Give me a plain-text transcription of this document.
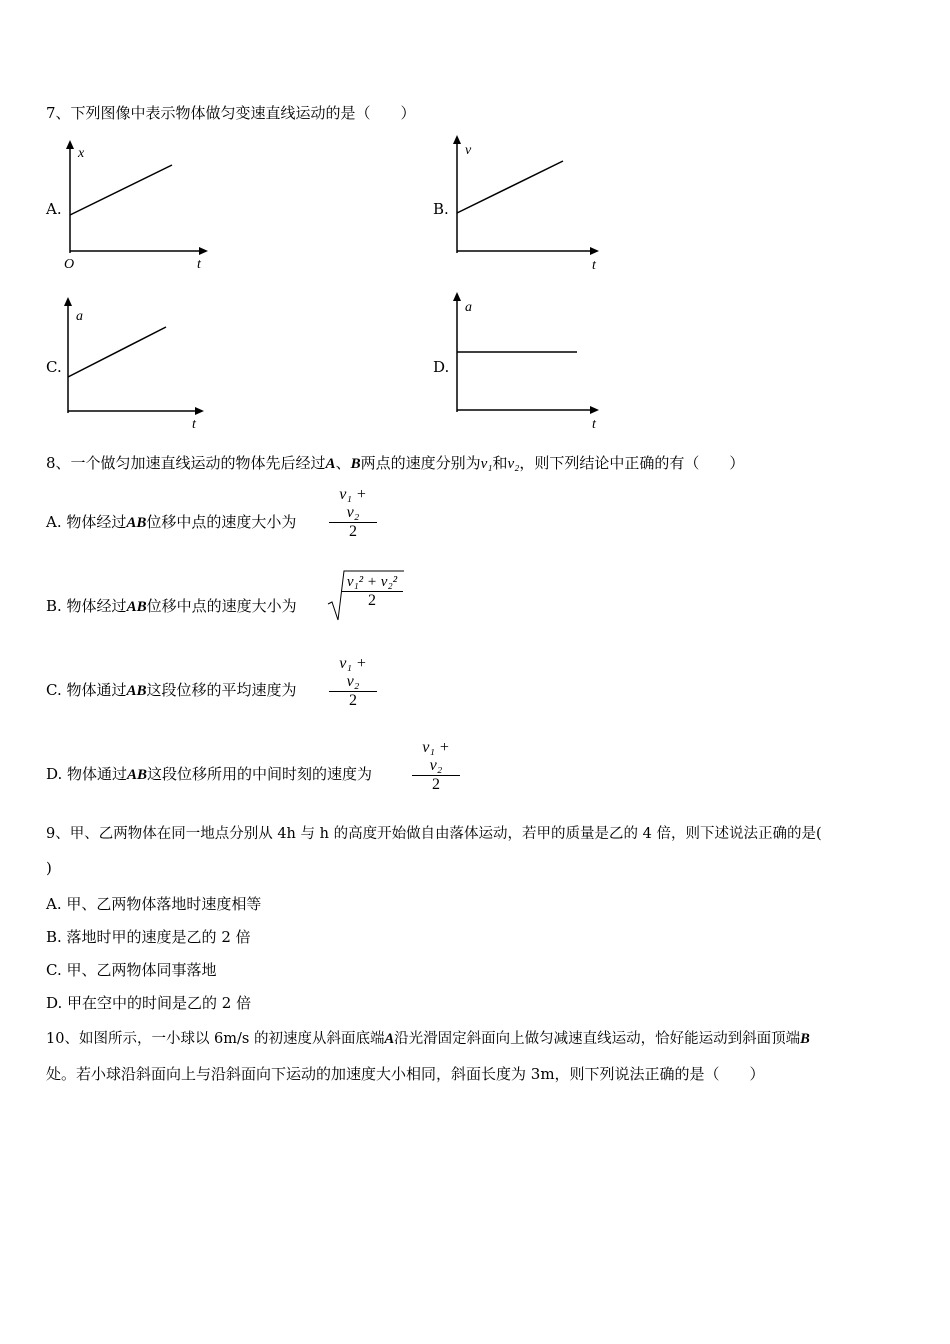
7、下列图像中表示物体做匀变速直线运动的是（　　）
A.
x
O	t
B.
v
t
C.
a
t
D.
a
t
8、一个做匀加速直线运动的物体先后经过A、B两点的速度分别为v₁和v₂，则下列结论中正确的有（　　）
A. 物体经过AB位移中点的速度大小为
v₁ + v₂
2
B. 物体经过AB位移中点的速度大小为
v₁² + v₂²
2
C. 物体通过AB这段位移的平均速度为
v₁ + v₂
2
D. 物体通过AB这段位移所用的中间时刻的速度为
v₁ + v₂
2
9、甲、乙两物体在同一地点分别从 4h 与 h 的高度开始做自由落体运动，若甲的质量是乙的 4 倍，则下述说法正确的是(
)
A. 甲、乙两物体落地时速度相等
B. 落地时甲的速度是乙的 2 倍
C. 甲、乙两物体同事落地
D. 甲在空中的时间是乙的 2 倍
10、如图所示，一小球以 6m/s 的初速度从斜面底端A沿光滑固定斜面向上做匀减速直线运动，恰好能运动到斜面顶端B
处。若小球沿斜面向上与沿斜面向下运动的加速度大小相同，斜面长度为 3m，则下列说法正确的是（　　）
